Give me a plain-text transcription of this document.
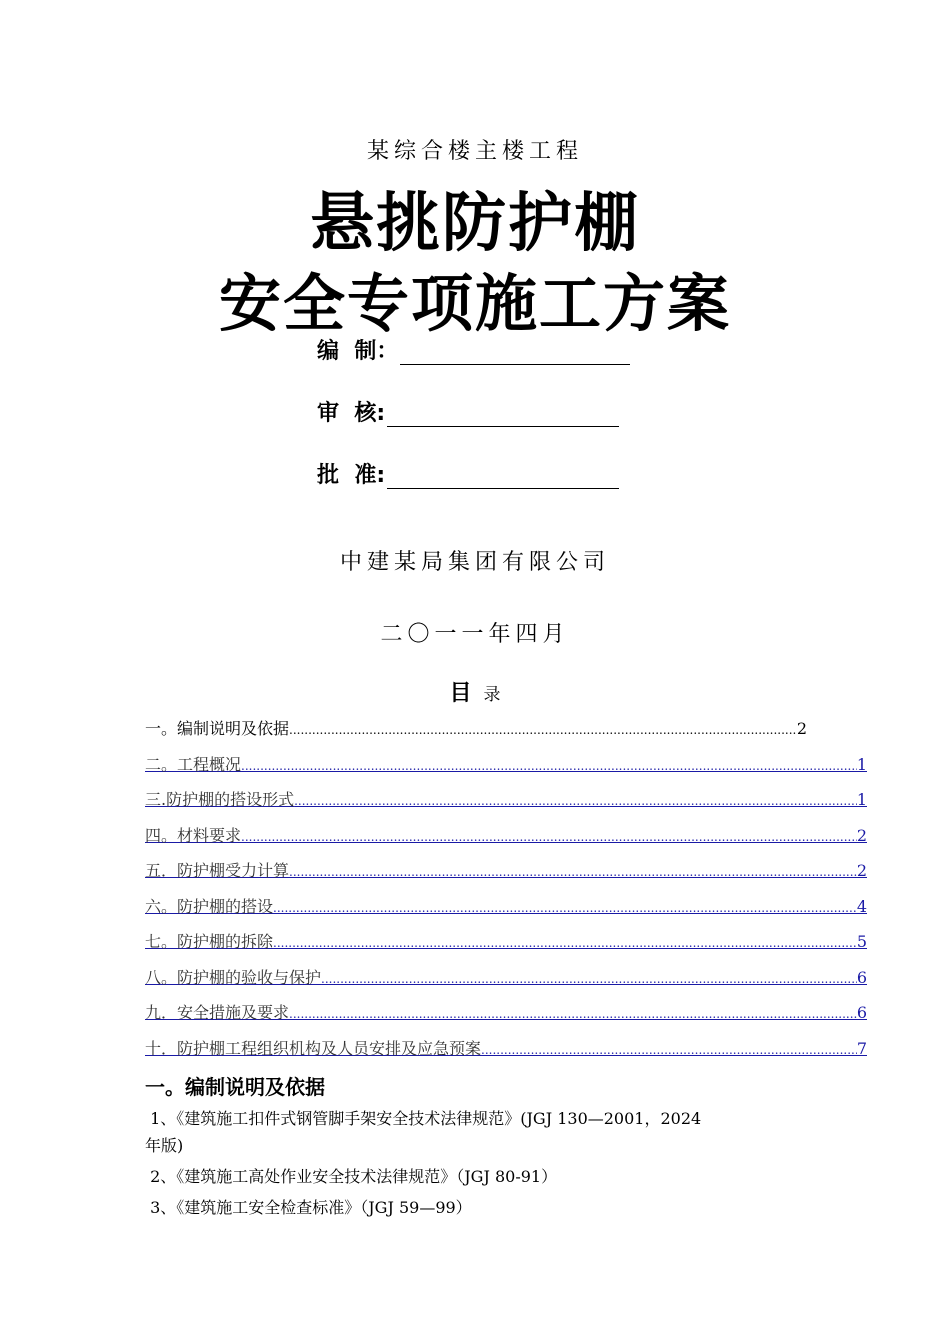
某综合楼主楼工程
悬挑防护棚
安全专项施工方案
编  制：
审  核:
批  准:
中建某局集团有限公司
二〇一一年四月
目 录
一。编制说明及依据 .....	2
二。工程概况 .....	1
三.防护棚的搭设形式 .....	1
四。材料要求 .....	2
五．防护棚受力计算 .....	2
六。防护棚的搭设 .....	4
七。防护棚的拆除 .....	5
八。防护棚的验收与保护 .....	6
九．安全措施及要求 .....	6
十．防护棚工程组织机构及人员安排及应急预案 .....	7
一。编制说明及依据
1、《建筑施工扣件式钢管脚手架安全技术法律规范》(JGJ 130—2001，2024
年版)
2、《建筑施工高处作业安全技术法律规范》（JGJ 80-91）
3、《建筑施工安全检查标准》（JGJ 59—99）
